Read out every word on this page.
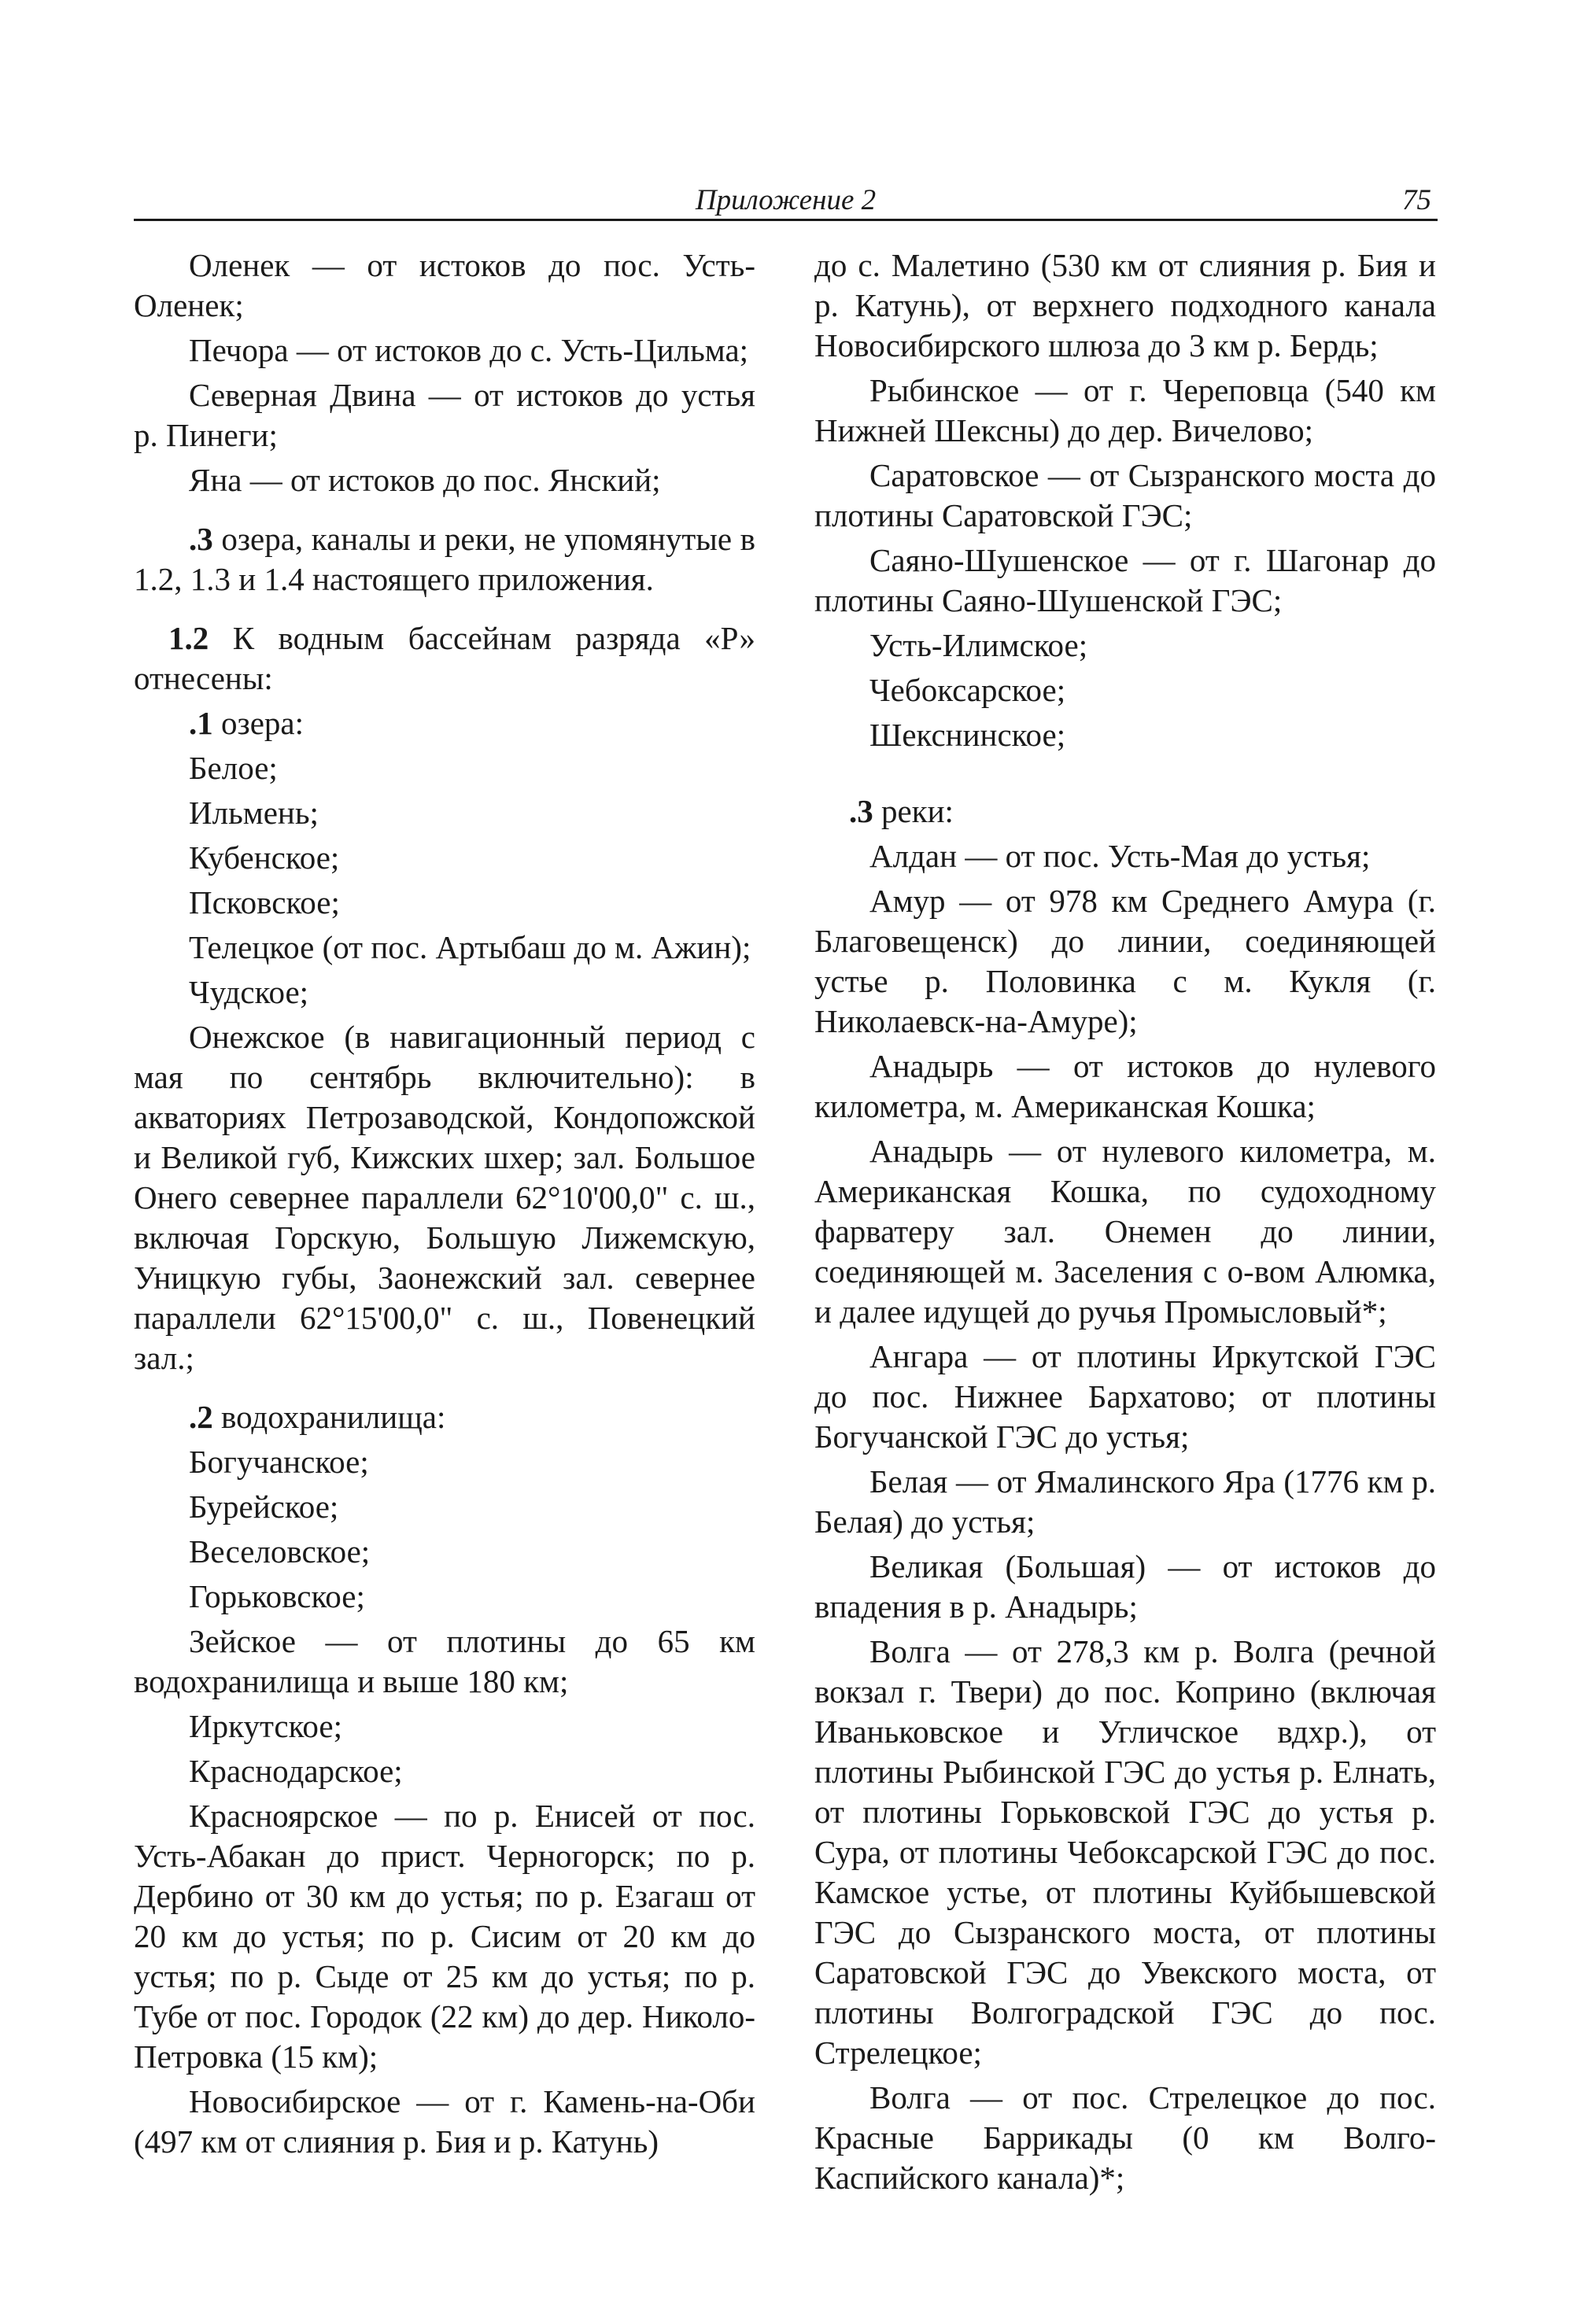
Приложение 2	75

Оленек — от истоков до пос. Усть-Оленек;

Печора — от истоков до с. Усть-Цильма;

Северная Двина — от истоков до устья р. Пинеги;

Яна — от истоков до пос. Янский;

.3 озера, каналы и реки, не упомянутые в 1.2, 1.3 и 1.4 настоящего приложения.

1.2 К водным бассейнам разряда «Р» отнесены:

.1 озера:

Белое;

Ильмень;

Кубенское;

Псковское;

Телецкое (от пос. Артыбаш до м. Ажин);

Чудское;

Онежское (в навигационный период с мая по сентябрь включительно): в акваториях Петрозаводской, Кондопожской и Великой губ, Кижских шхер; зал. Большое Онего севернее параллели 62°10'00,0" с. ш., включая Горскую, Большую Лижемскую, Уницкую губы, Заонежский зал. севернее параллели 62°15'00,0" с. ш., Повенецкий зал.;

.2 водохранилища:

Богучанское;

Бурейское;

Веселовское;

Горьковское;

Зейское — от плотины до 65 км водохранилища и выше 180 км;

Иркутское;

Краснодарское;

Красноярское — по р. Енисей от пос. Усть-Абакан до прист. Черногорск; по р. Дербино от 30 км до устья; по р. Езагаш от 20 км до устья; по р. Сисим от 20 км до устья; по р. Сыде от 25 км до устья; по р. Тубе от пос. Городок (22 км) до дер. Николо-Петровка (15 км);

Новосибирское — от г. Камень-на-Оби (497 км от слияния р. Бия и р. Катунь)

до с. Малетино (530 км от слияния р. Бия и р. Катунь), от верхнего подходного канала Новосибирского шлюза до 3 км р. Бердь;

Рыбинское — от г. Череповца (540 км Нижней Шексны) до дер. Вичелово;

Саратовское — от Сызранского моста до плотины Саратовской ГЭС;

Саяно-Шушенское — от г. Шагонар до плотины Саяно-Шушенской ГЭС;

Усть-Илимское;

Чебоксарское;

Шекснинское;

.3 реки:

Алдан — от пос. Усть-Мая до устья;

Амур — от 978 км Среднего Амура (г. Благовещенск) до линии, соединяющей устье р. Половинка с м. Кукля (г. Николаевск-на-Амуре);

Анадырь — от истоков до нулевого километра, м. Американская Кошка;

Анадырь — от нулевого километра, м. Американская Кошка, по судоходному фарватеру зал. Онемен до линии, соединяющей м. Заселения с о-вом Алюмка, и далее идущей до ручья Промысловый*;

Ангара — от плотины Иркутской ГЭС до пос. Нижнее Бархатово; от плотины Богучанской ГЭС до устья;

Белая — от Ямалинского Яра (1776 км р. Белая) до устья;

Великая (Большая) — от истоков до впадения в р. Анадырь;

Волга — от 278,3 км р. Волга (речной вокзал г. Твери) до пос. Коприно (включая Иваньковское и Угличское вдхр.), от плотины Рыбинской ГЭС до устья р. Елнать, от плотины Горьковской ГЭС до устья р. Сура, от плотины Чебоксарской ГЭС до пос. Камское устье, от плотины Куйбышевской ГЭС до Сызранского моста, от плотины Саратовской ГЭС до Увекского моста, от плотины Волгоградской ГЭС до пос. Стрелецкое;

Волга — от пос. Стрелецкое до пос. Красные Баррикады (0 км Волго-Каспийского канала)*;
